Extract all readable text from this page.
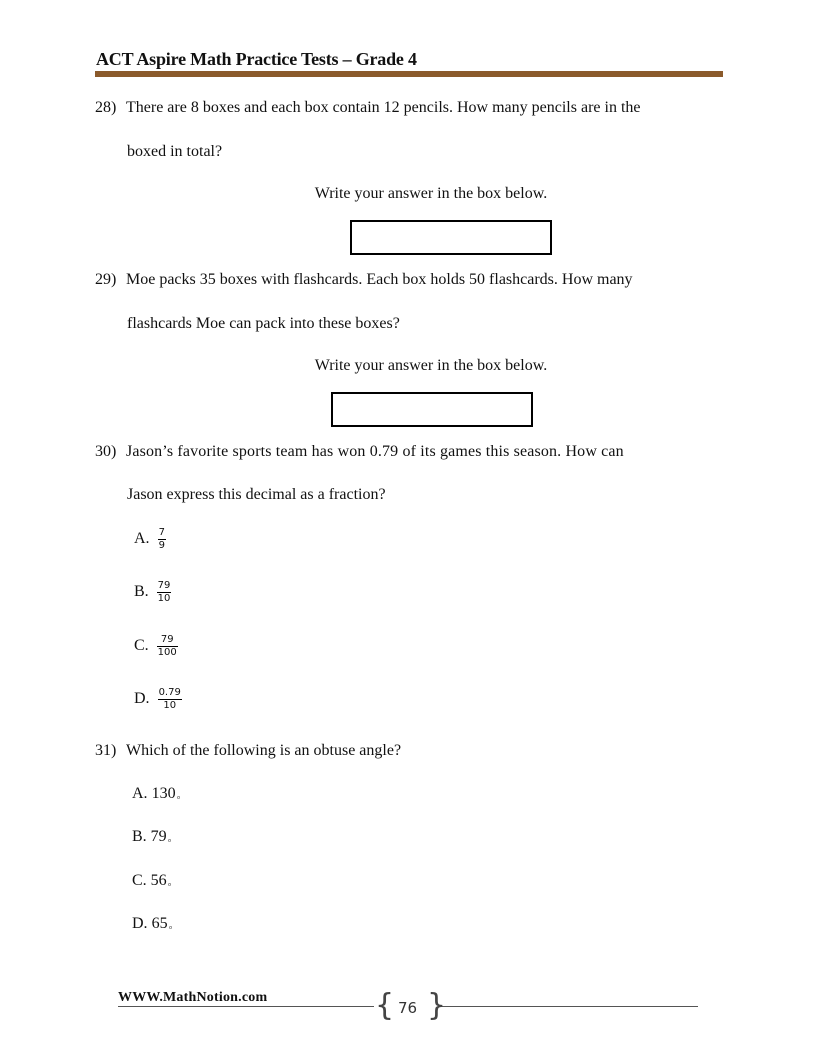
ACT Aspire Math Practice Tests – Grade 4
28) There are 8 boxes and each box contain 12 pencils. How many pencils are in the
boxed in total?
Write your answer in the box below.
29) Moe packs 35 boxes with flashcards. Each box holds 50 flashcards. How many
flashcards Moe can pack into these boxes?
Write your answer in the box below.
30) Jason’s favorite sports team has won 0.79 of its games this season. How can
Jason express this decimal as a fraction?
A. $\frac{7}{9}$
B. $\frac{79}{10}$
C. $\frac{79}{100}$
D. $\frac{0.79}{10}$
31) Which of the following is an obtuse angle?
A. 130◦
B. 79◦
C. 56◦
D. 65◦
WWW.MathNotion.com	{ }
76
